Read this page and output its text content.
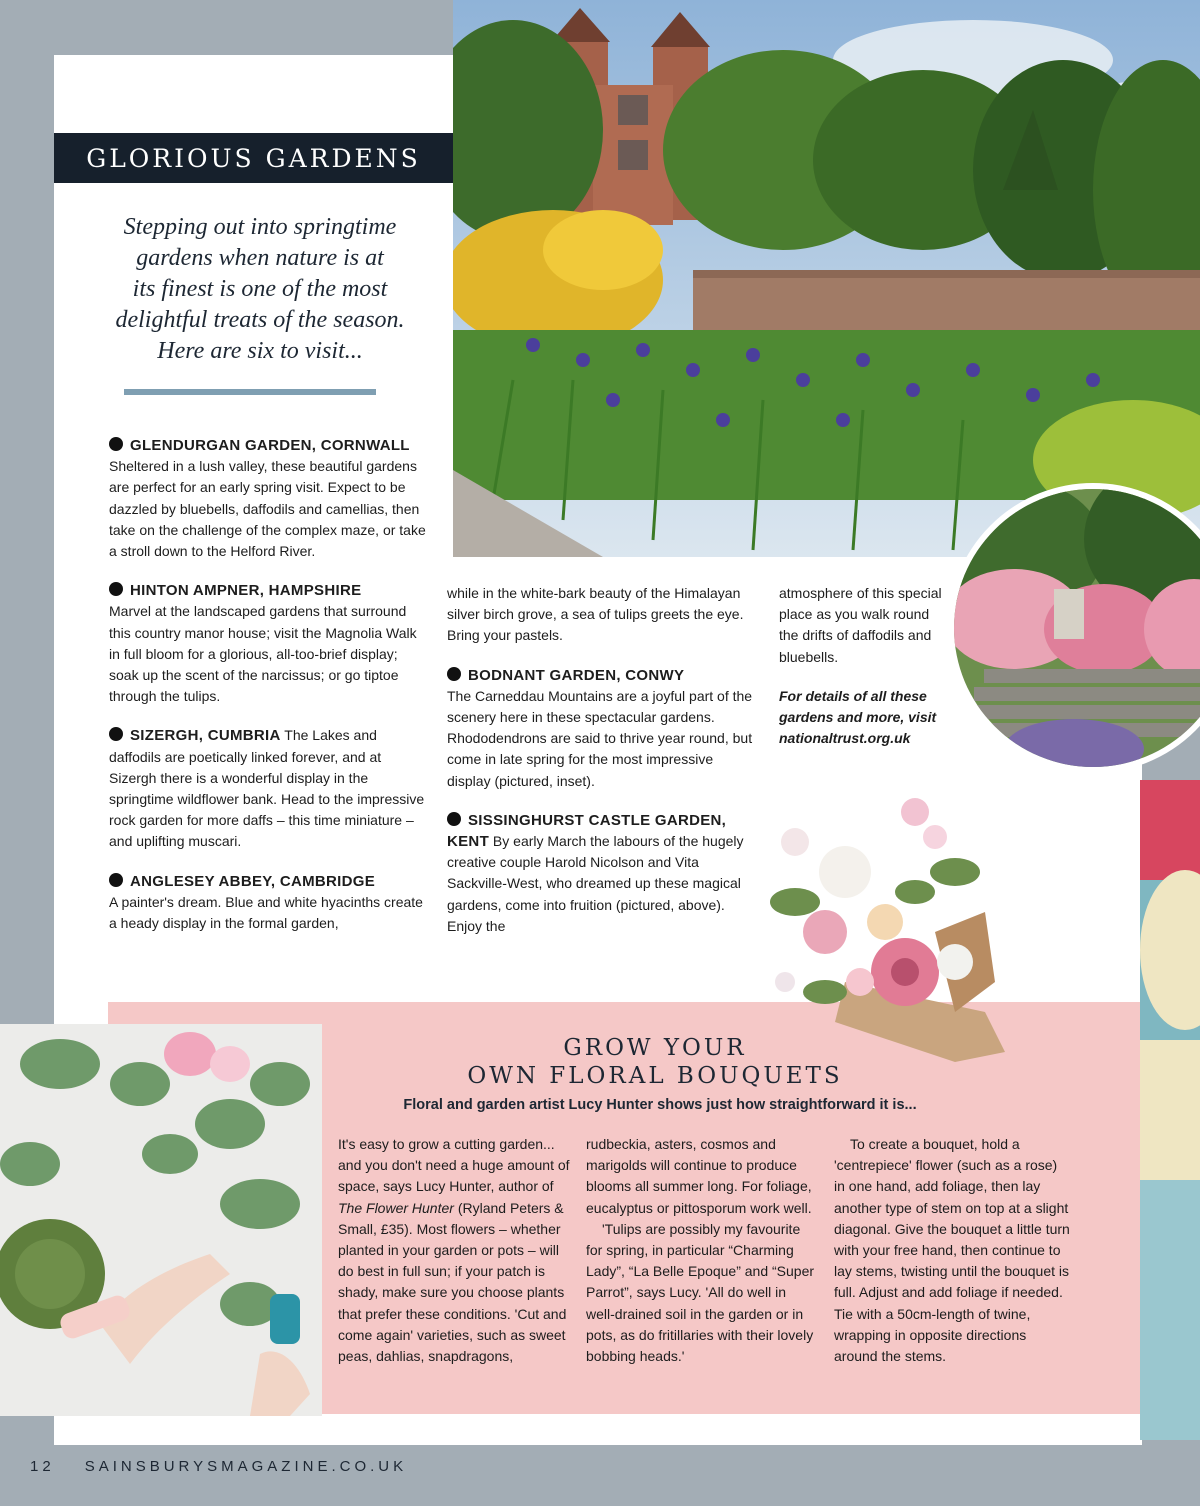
GLORIOUS GARDENS
Stepping out into springtime
gardens when nature is at
its finest is one of the most
delightful treats of the season.
Here are six to visit...

GLENDURGAN GARDEN, CORNWALL
Sheltered in a lush valley, these beautiful gardens are perfect for an early spring visit. Expect to be dazzled by bluebells, daffodils and camellias, then take on the challenge of the complex maze, or take a stroll down to the Helford River.

HINTON AMPNER, HAMPSHIRE
Marvel at the landscaped gardens that surround this country manor house; visit the Magnolia Walk in full bloom for a glorious, all-too-brief display; soak up the scent of the narcissus; or go tiptoe through the tulips.

SIZERGH, CUMBRIA The Lakes and daffodils are poetically linked forever, and at Sizergh there is a wonderful display in the springtime wildflower bank. Head to the impressive rock garden for more daffs – this time miniature – and uplifting muscari.

ANGLESEY ABBEY, CAMBRIDGE
A painter's dream. Blue and white hyacinths create a heady display in the formal garden,

while in the white-bark beauty of the Himalayan silver birch grove, a sea of tulips greets the eye. Bring your pastels.

BODNANT GARDEN, CONWY
The Carneddau Mountains are a joyful part of the scenery here in these spectacular gardens. Rhododendrons are said to thrive year round, but come in late spring for the most impressive display (pictured, inset).

SISSINGHURST CASTLE GARDEN, KENT By early March the labours of the hugely creative couple Harold Nicolson and Vita Sackville-West, who dreamed up these magical gardens, come into fruition (pictured, above). Enjoy the

atmosphere of this special place as you walk round the drifts of daffodils and bluebells.

For details of all these gardens and more, visit nationaltrust.org.uk

GROW YOUR
OWN FLORAL BOUQUETS
Floral and garden artist Lucy Hunter shows just how straightforward it is...
It's easy to grow a cutting garden... and you don't need a huge amount of space, says Lucy Hunter, author of The Flower Hunter (Ryland Peters & Small, £35). Most flowers – whether planted in your garden or pots – will do best in full sun; if your patch is shady, make sure you choose plants that prefer these conditions. 'Cut and come again' varieties, such as sweet peas, dahlias, snapdragons,
rudbeckia, asters, cosmos and marigolds will continue to produce blooms all summer long. For foliage, eucalyptus or pittosporum work well.
'Tulips are possibly my favourite for spring, in particular “Charming Lady”, “La Belle Epoque” and “Super Parrot”, says Lucy. 'All do well in well-drained soil in the garden or in pots, as do fritillaries with their lovely bobbing heads.'
To create a bouquet, hold a 'centrepiece' flower (such as a rose) in one hand, add foliage, then lay another type of stem on top at a slight diagonal. Give the bouquet a little turn with your free hand, then continue to lay stems, twisting until the bouquet is full. Adjust and add foliage if needed. Tie with a 50cm-length of twine, wrapping in opposite directions around the stems.
12 SAINSBURYSMAGAZINE.CO.UK
